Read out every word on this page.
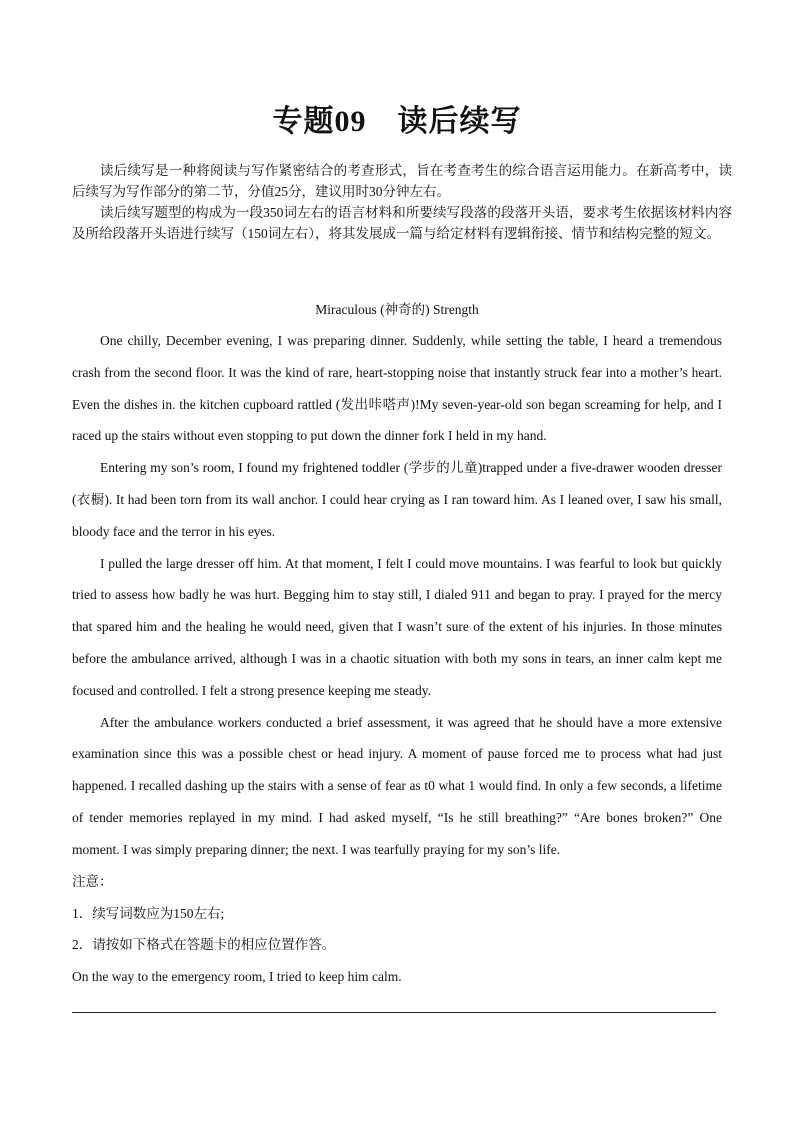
专题09　读后续写

读后续写是一种将阅读与写作紧密结合的考查形式，旨在考查考生的综合语言运用能力。在新高考中，读后续写为写作部分的第二节，分值25分，建议用时30分钟左右。

读后续写题型的构成为一段350词左右的语言材料和所要续写段落的段落开头语，要求考生依据该材料内容及所给段落开头语进行续写（150词左右），将其发展成一篇与给定材料有逻辑衔接、情节和结构完整的短文。

Miraculous (神奇的) Strength

One chilly, December evening, I was preparing dinner. Suddenly, while setting the table, I heard a tremendous crash from the second floor. It was the kind of rare, heart-stopping noise that instantly struck fear into a mother’s heart. Even the dishes in. the kitchen cupboard rattled (发出咔嗒声)!My seven-year-old son began screaming for help, and I raced up the stairs without even stopping to put down the dinner fork I held in my hand.

Entering my son’s room, I found my frightened toddler (学步的儿童)trapped under a five-drawer wooden dresser (衣橱). It had been torn from its wall anchor. I could hear crying as I ran toward him. As I leaned over, I saw his small, bloody face and the terror in his eyes.

I pulled the large dresser off him. At that moment, I felt I could move mountains. I was fearful to look but quickly tried to assess how badly he was hurt. Begging him to stay still, I dialed 911 and began to pray. I prayed for the mercy that spared him and the healing he would need, given that I wasn’t sure of the extent of his injuries. In those minutes before the ambulance arrived, although I was in a chaotic situation with both my sons in tears, an inner calm kept me focused and controlled. I felt a strong presence keeping me steady.

After the ambulance workers conducted a brief assessment, it was agreed that he should have a more extensive examination since this was a possible chest or head injury. A moment of pause forced me to process what had just happened. I recalled dashing up the stairs with a sense of fear as t0 what 1 would find. In only a few seconds, a lifetime of tender memories replayed in my mind. I had asked myself, “Is he still breathing?” “Are bones broken?” One moment. I was simply preparing dinner; the next. I was tearfully praying for my son’s life.

注意：
1．续写词数应为150左右;
2．请按如下格式在答题卡的相应位置作答。
On the way to the emergency room, I tried to keep him calm.
